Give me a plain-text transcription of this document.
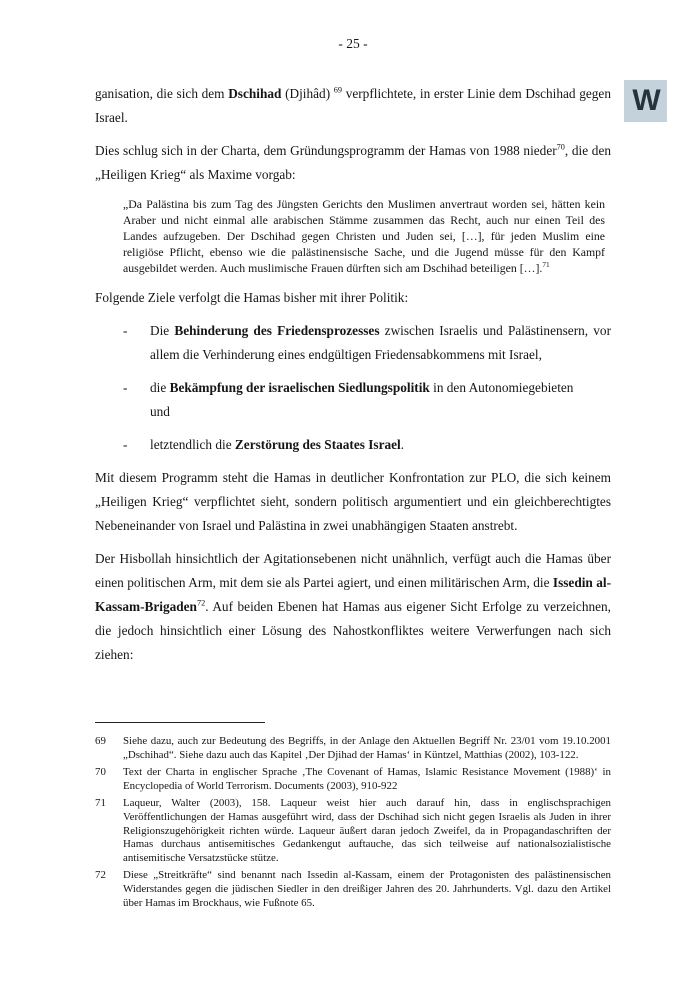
- 25 -
W

ganisation, die sich dem Dschihad (Djihâd) $^{69}$ verpflichtete, in erster Linie dem Dschihad gegen Israel.

Dies schlug sich in der Charta, dem Gründungsprogramm der Hamas von 1988 nieder$^{70}$, die den „Heiligen Krieg“ als Maxime vorgab:

„Da Palästina bis zum Tag des Jüngsten Gerichts den Muslimen anvertraut worden sei, hätten kein Araber und nicht einmal alle arabischen Stämme zusammen das Recht, auch nur einen Teil des Landes aufzugeben. Der Dschihad gegen Christen und Juden sei, […], für jeden Muslim eine religiöse Pflicht, ebenso wie die palästinensische Sache, und die Jugend müsse für den Kampf ausgebildet werden. Auch muslimische Frauen dürften sich am Dschihad beteiligen […].$^{71}$

Folgende Ziele verfolgt die Hamas bisher mit ihrer Politik:

-	Die Behinderung des Friedensprozesses zwischen Israelis und Palästinensern, vor allem die Verhinderung eines endgültigen Friedensabkommens mit Israel,
-	die Bekämpfung der israelischen Siedlungspolitik in den Autonomiegebieten
und
-	letztendlich die Zerstörung des Staates Israel.

Mit diesem Programm steht die Hamas in deutlicher Konfrontation zur PLO, die sich keinem „Heiligen Krieg“ verpflichtet sieht, sondern politisch argumentiert und ein gleichberechtigtes Nebeneinander von Israel und Palästina in zwei unabhängigen Staaten anstrebt.

Der Hisbollah hinsichtlich der Agitationsebenen nicht unähnlich, verfügt auch die Hamas über einen politischen Arm, mit dem sie als Partei agiert, und einen militärischen Arm, die Issedin al-Kassam-Brigaden$^{72}$. Auf beiden Ebenen hat Hamas aus eigener Sicht Erfolge zu verzeichnen, die jedoch hinsichtlich einer Lösung des Nahostkonfliktes weitere Verwerfungen nach sich ziehen:

69	Siehe dazu, auch zur Bedeutung des Begriffs, in der Anlage den Aktuellen Begriff Nr. 23/01 vom 19.10.2001 „Dschihad“. Siehe dazu auch das Kapitel ‚Der Djihad der Hamas‘ in Küntzel, Matthias (2002), 103-122.
70	Text der Charta in englischer Sprache ‚The Covenant of Hamas, Islamic Resistance Movement (1988)‘ in Encyclopedia of World Terrorism. Documents (2003), 910-922
71	Laqueur, Walter (2003), 158. Laqueur weist hier auch darauf hin, dass in englischsprachigen Veröffentlichungen der Hamas ausgeführt wird, dass der Dschihad sich nicht gegen Israelis als Juden in ihrer Religionszugehörigkeit richten würde. Laqueur äußert daran jedoch Zweifel, da in Propagandaschriften der Hamas durchaus antisemitisches Gedankengut auftauche, das sich teilweise auf nationalsozialistische antisemitische Versatzstücke stütze.
72	Diese „Streitkräfte“ sind benannt nach Issedin al-Kassam, einem der Protagonisten des palästinensischen Widerstandes gegen die jüdischen Siedler in den dreißiger Jahren des 20. Jahrhunderts. Vgl. dazu den Artikel über Hamas im Brockhaus, wie Fußnote 65.
